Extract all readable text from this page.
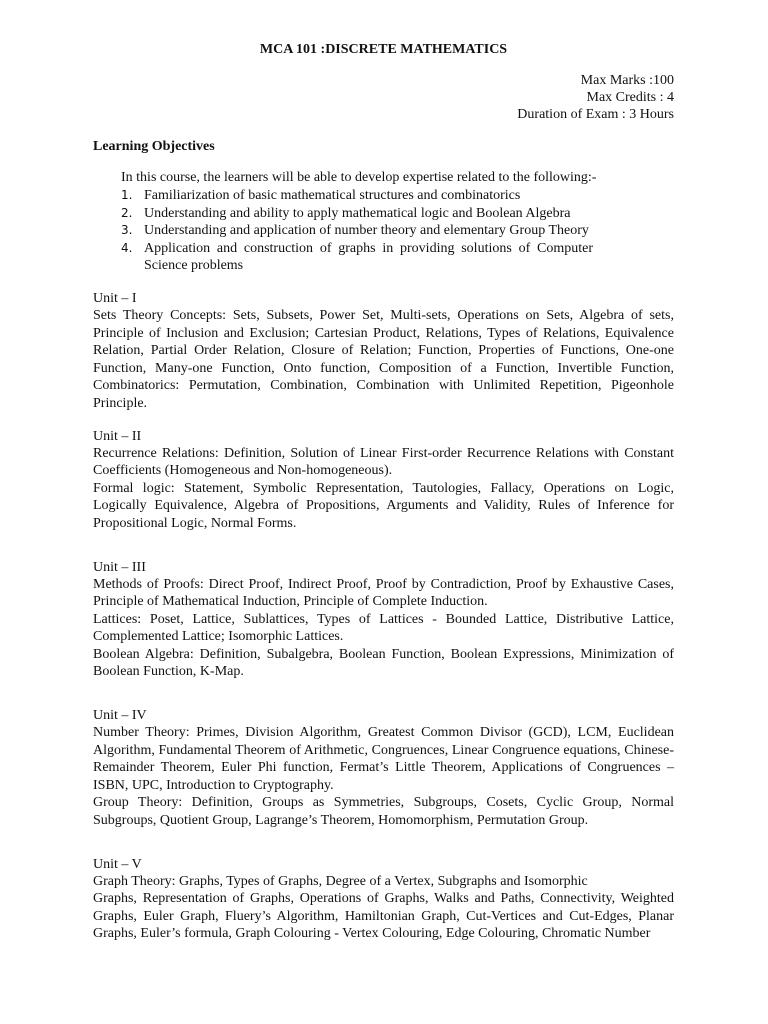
MCA 101 :DISCRETE MATHEMATICS
Max Marks :100
Max Credits : 4
Duration of Exam : 3 Hours
Learning Objectives
In this course, the learners will be able to develop expertise related to the following:-
1. Familiarization of basic mathematical structures and combinatorics
2. Understanding and ability to apply mathematical logic and Boolean Algebra
3. Understanding and application of number theory and elementary Group Theory
4. Application and construction of graphs in providing solutions of Computer Science problems
Unit – I

Sets Theory Concepts: Sets, Subsets, Power Set, Multi-sets, Operations on Sets, Algebra of sets, Principle of Inclusion and Exclusion; Cartesian Product, Relations, Types of Relations, Equivalence Relation, Partial Order Relation, Closure of Relation; Function, Properties of Functions, One-one Function, Many-one Function, Onto function, Composition of a Function, Invertible Function, Combinatorics: Permutation, Combination, Combination with Unlimited Repetition, Pigeonhole Principle.

Unit – II

Recurrence Relations: Definition, Solution of Linear First-order Recurrence Relations with Constant Coefficients (Homogeneous and Non-homogeneous).

Formal logic: Statement, Symbolic Representation, Tautologies, Fallacy, Operations on Logic, Logically Equivalence, Algebra of Propositions, Arguments and Validity, Rules of Inference for Propositional Logic, Normal Forms.

Unit – III

Methods of Proofs: Direct Proof, Indirect Proof, Proof by Contradiction, Proof by Exhaustive Cases, Principle of Mathematical Induction, Principle of Complete Induction.

Lattices: Poset, Lattice, Sublattices, Types of Lattices - Bounded Lattice, Distributive Lattice, Complemented Lattice; Isomorphic Lattices.

Boolean Algebra: Definition, Subalgebra, Boolean Function, Boolean Expressions, Minimization of Boolean Function, K-Map.

Unit – IV

Number Theory: Primes, Division Algorithm, Greatest Common Divisor (GCD), LCM, Euclidean Algorithm, Fundamental Theorem of Arithmetic, Congruences, Linear Congruence equations, Chinese-Remainder Theorem, Euler Phi function, Fermat’s Little Theorem, Applications of Congruences – ISBN, UPC, Introduction to Cryptography.

Group Theory: Definition, Groups as Symmetries, Subgroups, Cosets, Cyclic Group, Normal Subgroups, Quotient Group, Lagrange’s Theorem, Homomorphism, Permutation Group.

Unit – V

Graph Theory: Graphs, Types of Graphs, Degree of a Vertex, Subgraphs and Isomorphic

Graphs, Representation of Graphs, Operations of Graphs, Walks and Paths, Connectivity, Weighted Graphs, Euler Graph, Fluery’s Algorithm, Hamiltonian Graph, Cut-Vertices and Cut-Edges, Planar Graphs, Euler’s formula, Graph Colouring - Vertex Colouring, Edge Colouring, Chromatic Number
